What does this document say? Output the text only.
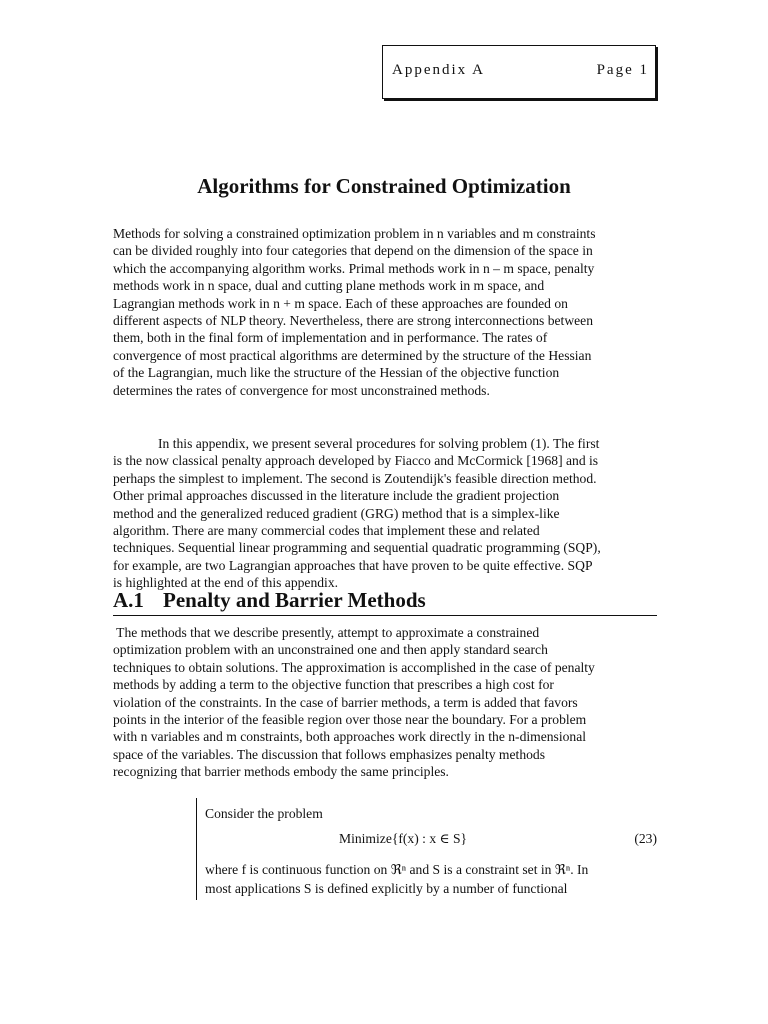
Appendix A	Page 1
Algorithms for Constrained Optimization
Methods for solving a constrained optimization problem in n variables and m constraints
can be divided roughly into four categories that depend on the dimension of the space in
which the accompanying algorithm works. Primal methods work in n – m space, penalty
methods work in n space, dual and cutting plane methods work in m space, and
Lagrangian methods work in n + m space. Each of these approaches are founded on
different aspects of NLP theory. Nevertheless, there are strong interconnections between
them, both in the final form of implementation and in performance. The rates of
convergence of most practical algorithms are determined by the structure of the Hessian
of the Lagrangian, much like the structure of the Hessian of the objective function
determines the rates of convergence for most unconstrained methods.
In this appendix, we present several procedures for solving problem (1). The first
is the now classical penalty approach developed by Fiacco and McCormick [1968] and is
perhaps the simplest to implement. The second is Zoutendijk's feasible direction method.
Other primal approaches discussed in the literature include the gradient projection
method and the generalized reduced gradient (GRG) method that is a simplex-like
algorithm. There are many commercial codes that implement these and related
techniques. Sequential linear programming and sequential quadratic programming (SQP),
for example, are two Lagrangian approaches that have proven to be quite effective. SQP
is highlighted at the end of this appendix.
A.1 Penalty and Barrier Methods
The methods that we describe presently, attempt to approximate a constrained
optimization problem with an unconstrained one and then apply standard search
techniques to obtain solutions. The approximation is accomplished in the case of penalty
methods by adding a term to the objective function that prescribes a high cost for
violation of the constraints. In the case of barrier methods, a term is added that favors
points in the interior of the feasible region over those near the boundary. For a problem
with n variables and m constraints, both approaches work directly in the n-dimensional
space of the variables. The discussion that follows emphasizes penalty methods
recognizing that barrier methods embody the same principles.
Consider the problem
Minimize{f(x) : x ∈ S}	(23)
where f is continuous function on ℜⁿ and S is a constraint set in ℜⁿ. In
most applications S is defined explicitly by a number of functional
